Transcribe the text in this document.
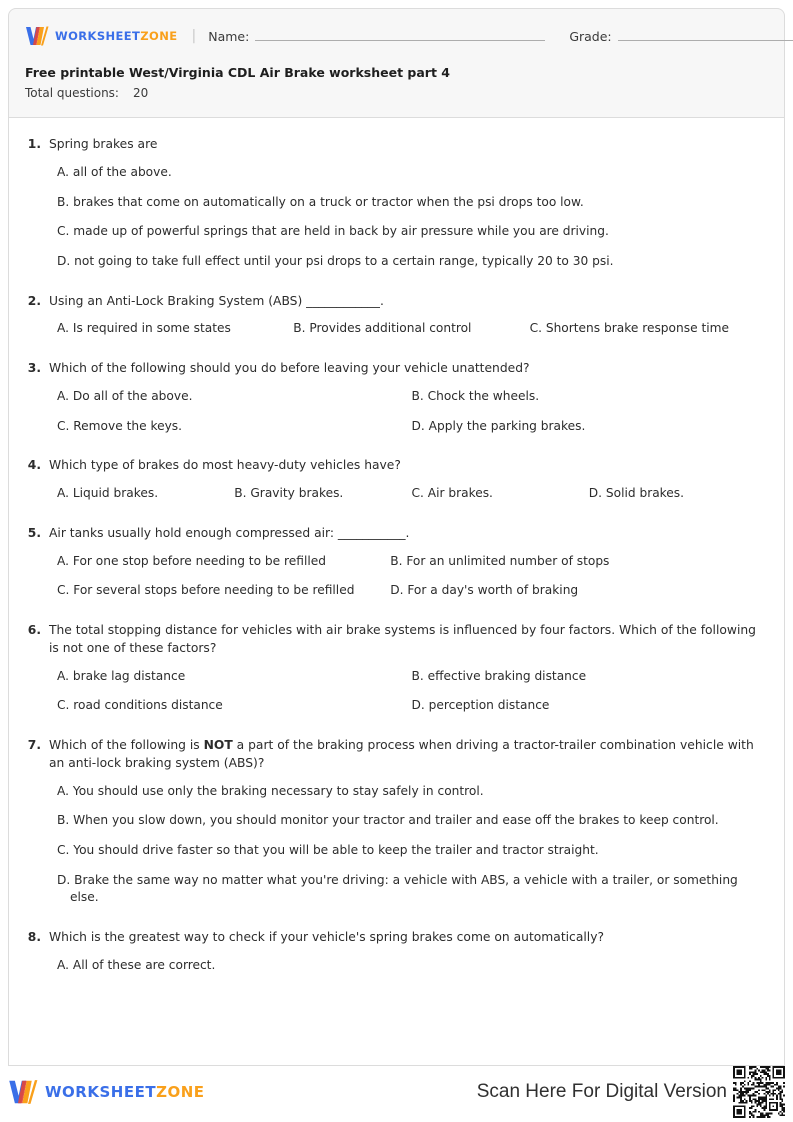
WORKSHEETZONE | Name:	Grade:
Free printable West/Virginia CDL Air Brake worksheet part 4
Total questions: 20
1. Spring brakes are
A. all of the above.
B. brakes that come on automatically on a truck or tractor when the psi drops too low.
C. made up of powerful springs that are held in back by air pressure while you are driving.
D. not going to take full effect until your psi drops to a certain range, typically 20 to 30 psi.
2. Using an Anti-Lock Braking System (ABS) ____________.
A. Is required in some states	B. Provides additional control	C. Shortens brake response time
3. Which of the following should you do before leaving your vehicle unattended?
A. Do all of the above.	B. Chock the wheels.
C. Remove the keys.	D. Apply the parking brakes.
4. Which type of brakes do most heavy-duty vehicles have?
A. Liquid brakes.	B. Gravity brakes.	C. Air brakes.	D. Solid brakes.
5. Air tanks usually hold enough compressed air: ___________.
A. For one stop before needing to be refilled	B. For an unlimited number of stops
C. For several stops before needing to be refilled	D. For a day's worth of braking
6. The total stopping distance for vehicles with air brake systems is influenced by four factors. Which of the following is not one of these factors?
A. brake lag distance	B. effective braking distance
C. road conditions distance	D. perception distance
7. Which of the following is NOT a part of the braking process when driving a tractor-trailer combination vehicle with an anti-lock braking system (ABS)?
A. You should use only the braking necessary to stay safely in control.
B. When you slow down, you should monitor your tractor and trailer and ease off the brakes to keep control.
C. You should drive faster so that you will be able to keep the trailer and tractor straight.
D. Brake the same way no matter what you're driving: a vehicle with ABS, a vehicle with a trailer, or something else.
8. Which is the greatest way to check if your vehicle's spring brakes come on automatically?
A. All of these are correct.
WORKSHEETZONE	Scan Here For Digital Version
